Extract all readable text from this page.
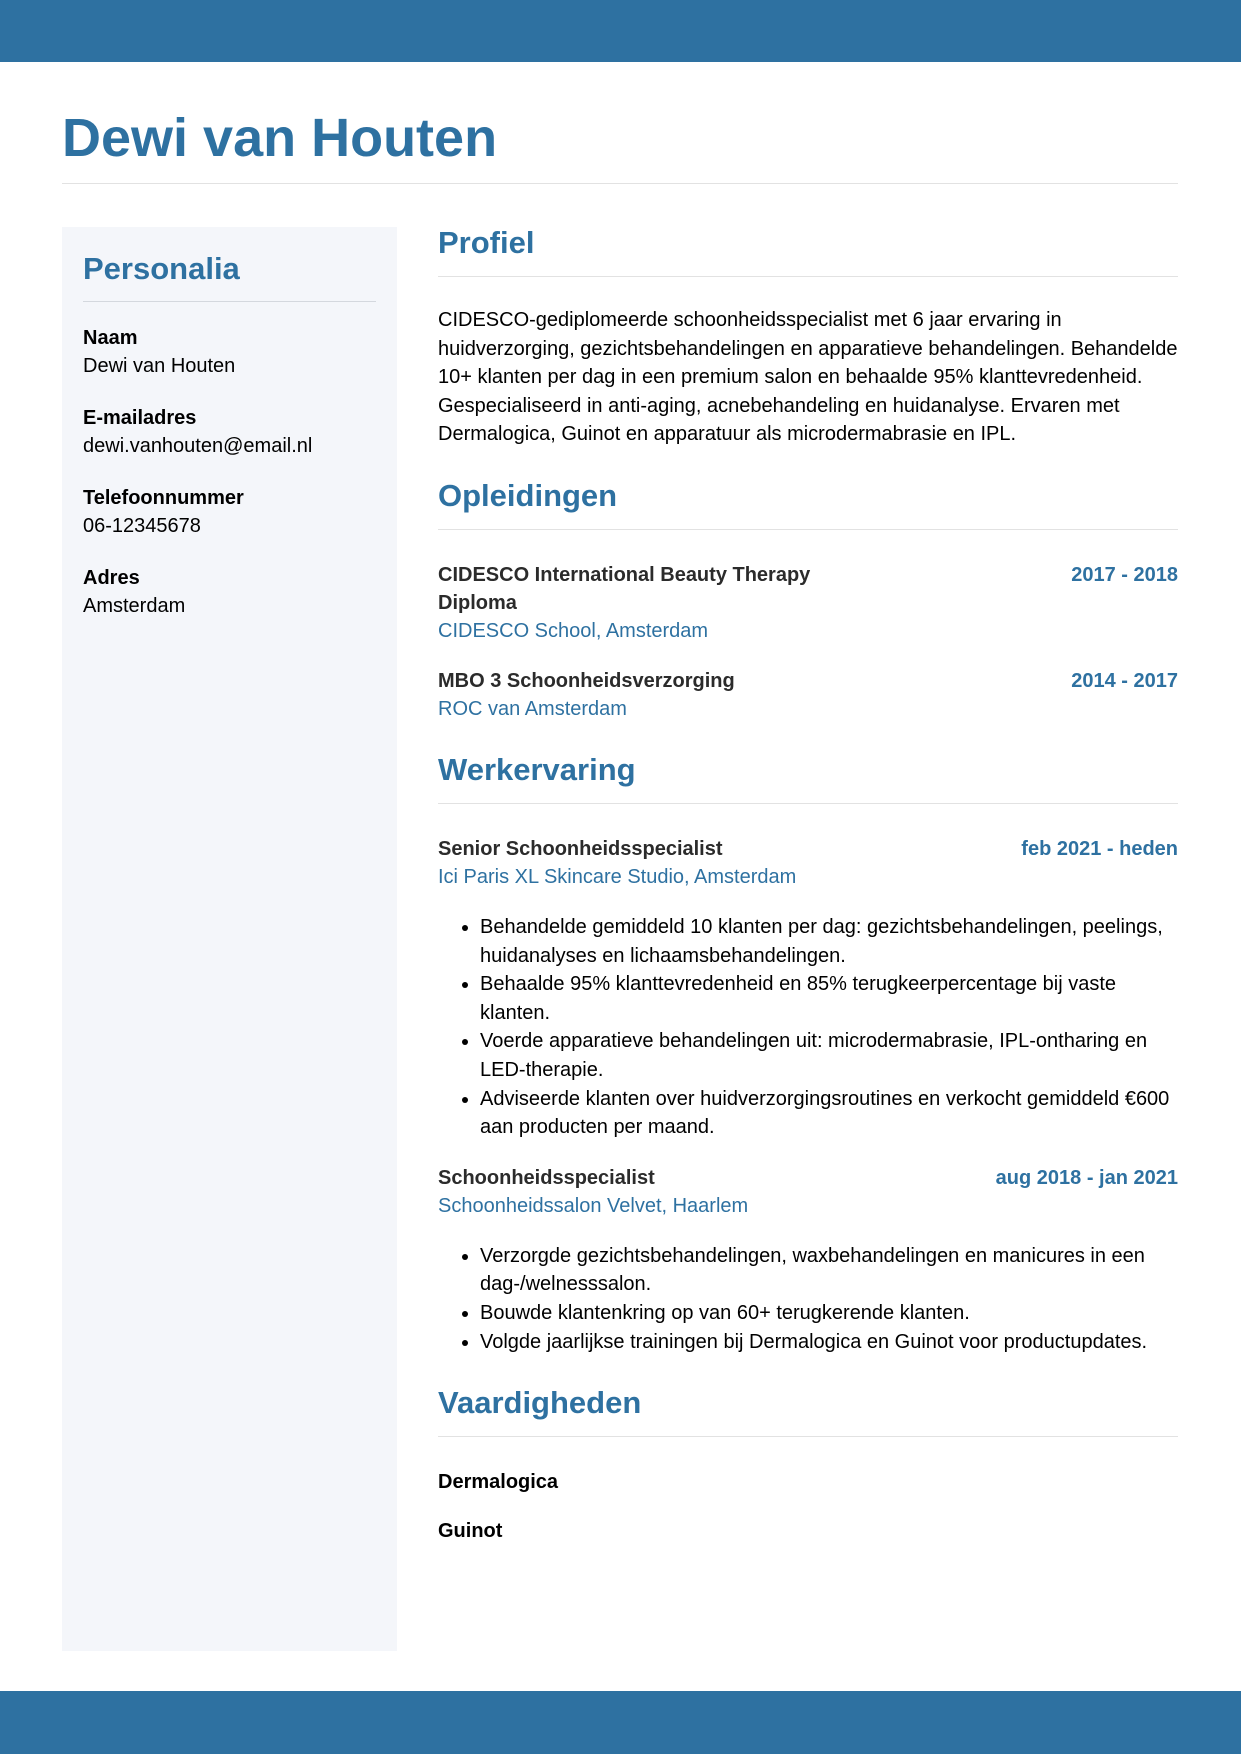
Dewi van Houten
Personalia
Naam
Dewi van Houten
E-mailadres
dewi.vanhouten@email.nl
Telefoonnummer
06-12345678
Adres
Amsterdam
Profiel

CIDESCO-gediplomeerde schoonheidsspecialist met 6 jaar ervaring in huidverzorging, gezichtsbehandelingen en apparatieve behandelingen. Behandelde 10+ klanten per dag in een premium salon en behaalde 95% klanttevredenheid. Gespecialiseerd in anti-aging, acnebehandeling en huidanalyse. Ervaren met Dermalogica, Guinot en apparatuur als microdermabrasie en IPL.

Opleidingen
CIDESCO International Beauty Therapy Diploma
CIDESCO School, Amsterdam
2017 - 2018
MBO 3 Schoonheidsverzorging
ROC van Amsterdam
2014 - 2017
Werkervaring
Senior Schoonheidsspecialist
Ici Paris XL Skincare Studio, Amsterdam
feb 2021 - heden
• Behandelde gemiddeld 10 klanten per dag: gezichtsbehandelingen, peelings, huidanalyses en lichaamsbehandelingen.
• Behaalde 95% klanttevredenheid en 85% terugkeerpercentage bij vaste klanten.
• Voerde apparatieve behandelingen uit: microdermabrasie, IPL-ontharing en LED-therapie.
• Adviseerde klanten over huidverzorgingsroutines en verkocht gemiddeld €600 aan producten per maand.
Schoonheidsspecialist
Schoonheidssalon Velvet, Haarlem
aug 2018 - jan 2021
• Verzorgde gezichtsbehandelingen, waxbehandelingen en manicures in een dag-/welnesssalon.
• Bouwde klantenkring op van 60+ terugkerende klanten.
• Volgde jaarlijkse trainingen bij Dermalogica en Guinot voor productupdates.
Vaardigheden
Dermalogica
Guinot
